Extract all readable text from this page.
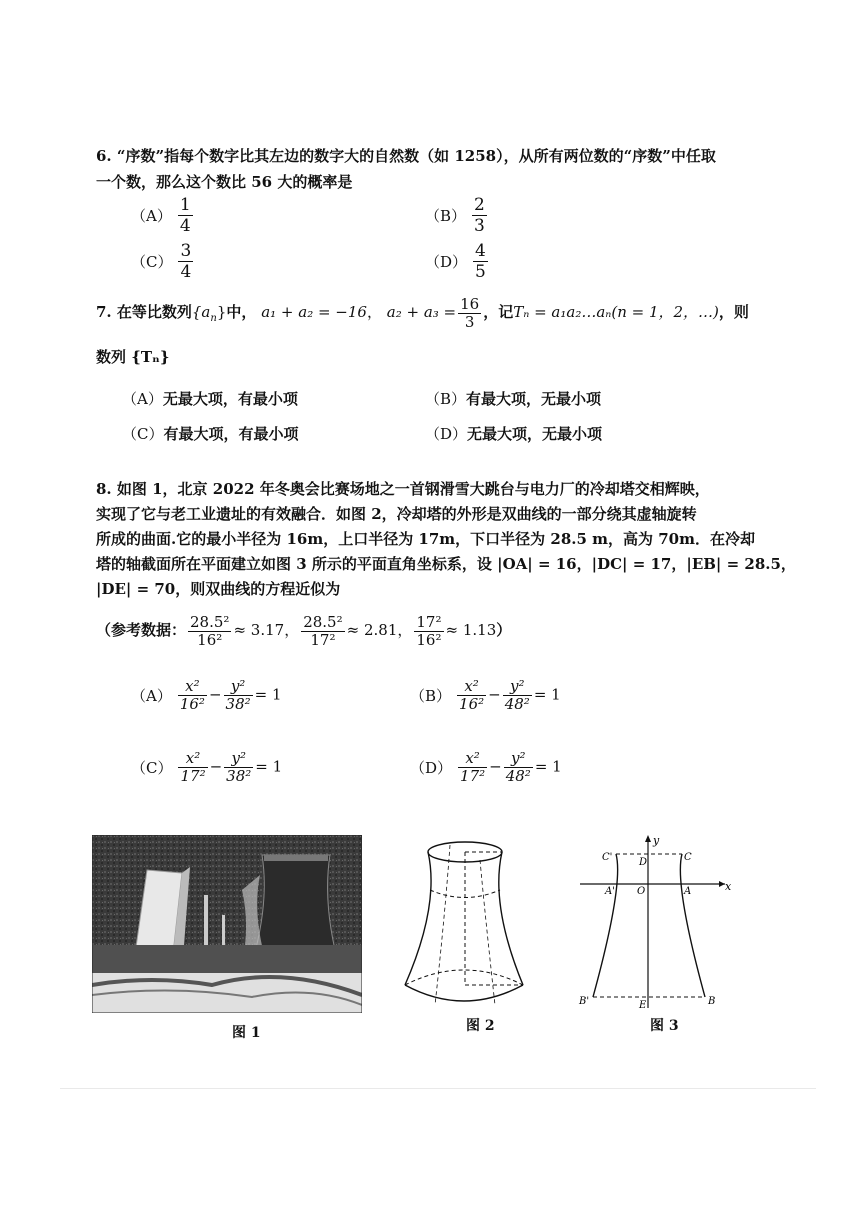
6. “序数”指每个数字比其左边的数字大的自然数（如 1258），从所有两位数的“序数”中任取
一个数，那么这个数比 56 大的概率是
$(A) \frac{1}{4}$	$(B) \frac{2}{3}$
$(C) \frac{3}{4}$	$(D) \frac{4}{5}$
7. 在等比数列$\{a_n\}$中， a₁ + a₂ = −16， $a_2 + a_3 = \frac{16}{3}$ ，记Tₙ = a₁a₂…aₙ(n = 1，2，…)，则
数列 {Tₙ}
（A）无最大项，有最小项	（B）有最大项，无最小项
（C）有最大项，有最小项	（D）无最大项，无最小项
8. 如图 1，北京 2022 年冬奥会比赛场地之一首钢滑雪大跳台与电力厂的冷却塔交相辉映，
实现了它与老工业遗址的有效融合．如图 2，冷却塔的外形是双曲线的一部分绕其虚轴旋转
所成的曲面.它的最小半径为 16m，上口半径为 17m，下口半径为 28.5 m，高为 70m．在冷却
塔的轴截面所在平面建立如图 3 所示的平面直角坐标系，设 |OA| = 16，|DC| = 17，|EB| = 28.5，
|DE| = 70，则双曲线的方程近似为
（参考数据： $\frac{\text{28.5²}}{\text{16²}} \approx 3.17$， $\frac{\text{28.5²}}{\text{17²}} \approx 2.81$， $\frac{\text{17²}}{\text{16²}} \approx 1.13$）
$(A) \frac{\text{x²}}{\text{16²}} - \frac{\text{y²}}{\text{38²}} = 1$	$(B) \frac{\text{x²}}{\text{16²}} - \frac{\text{y²}}{\text{48²}} = 1$
$(C) \frac{\text{x²}}{\text{17²}} - \frac{\text{y²}}{\text{38²}} = 1$	$(D) \frac{\text{x²}}{\text{17²}} - \frac{\text{y²}}{\text{48²}} = 1$
图 1	图 2
y
x
C'	D	C
A' O	A
B'	E	B
图 3
